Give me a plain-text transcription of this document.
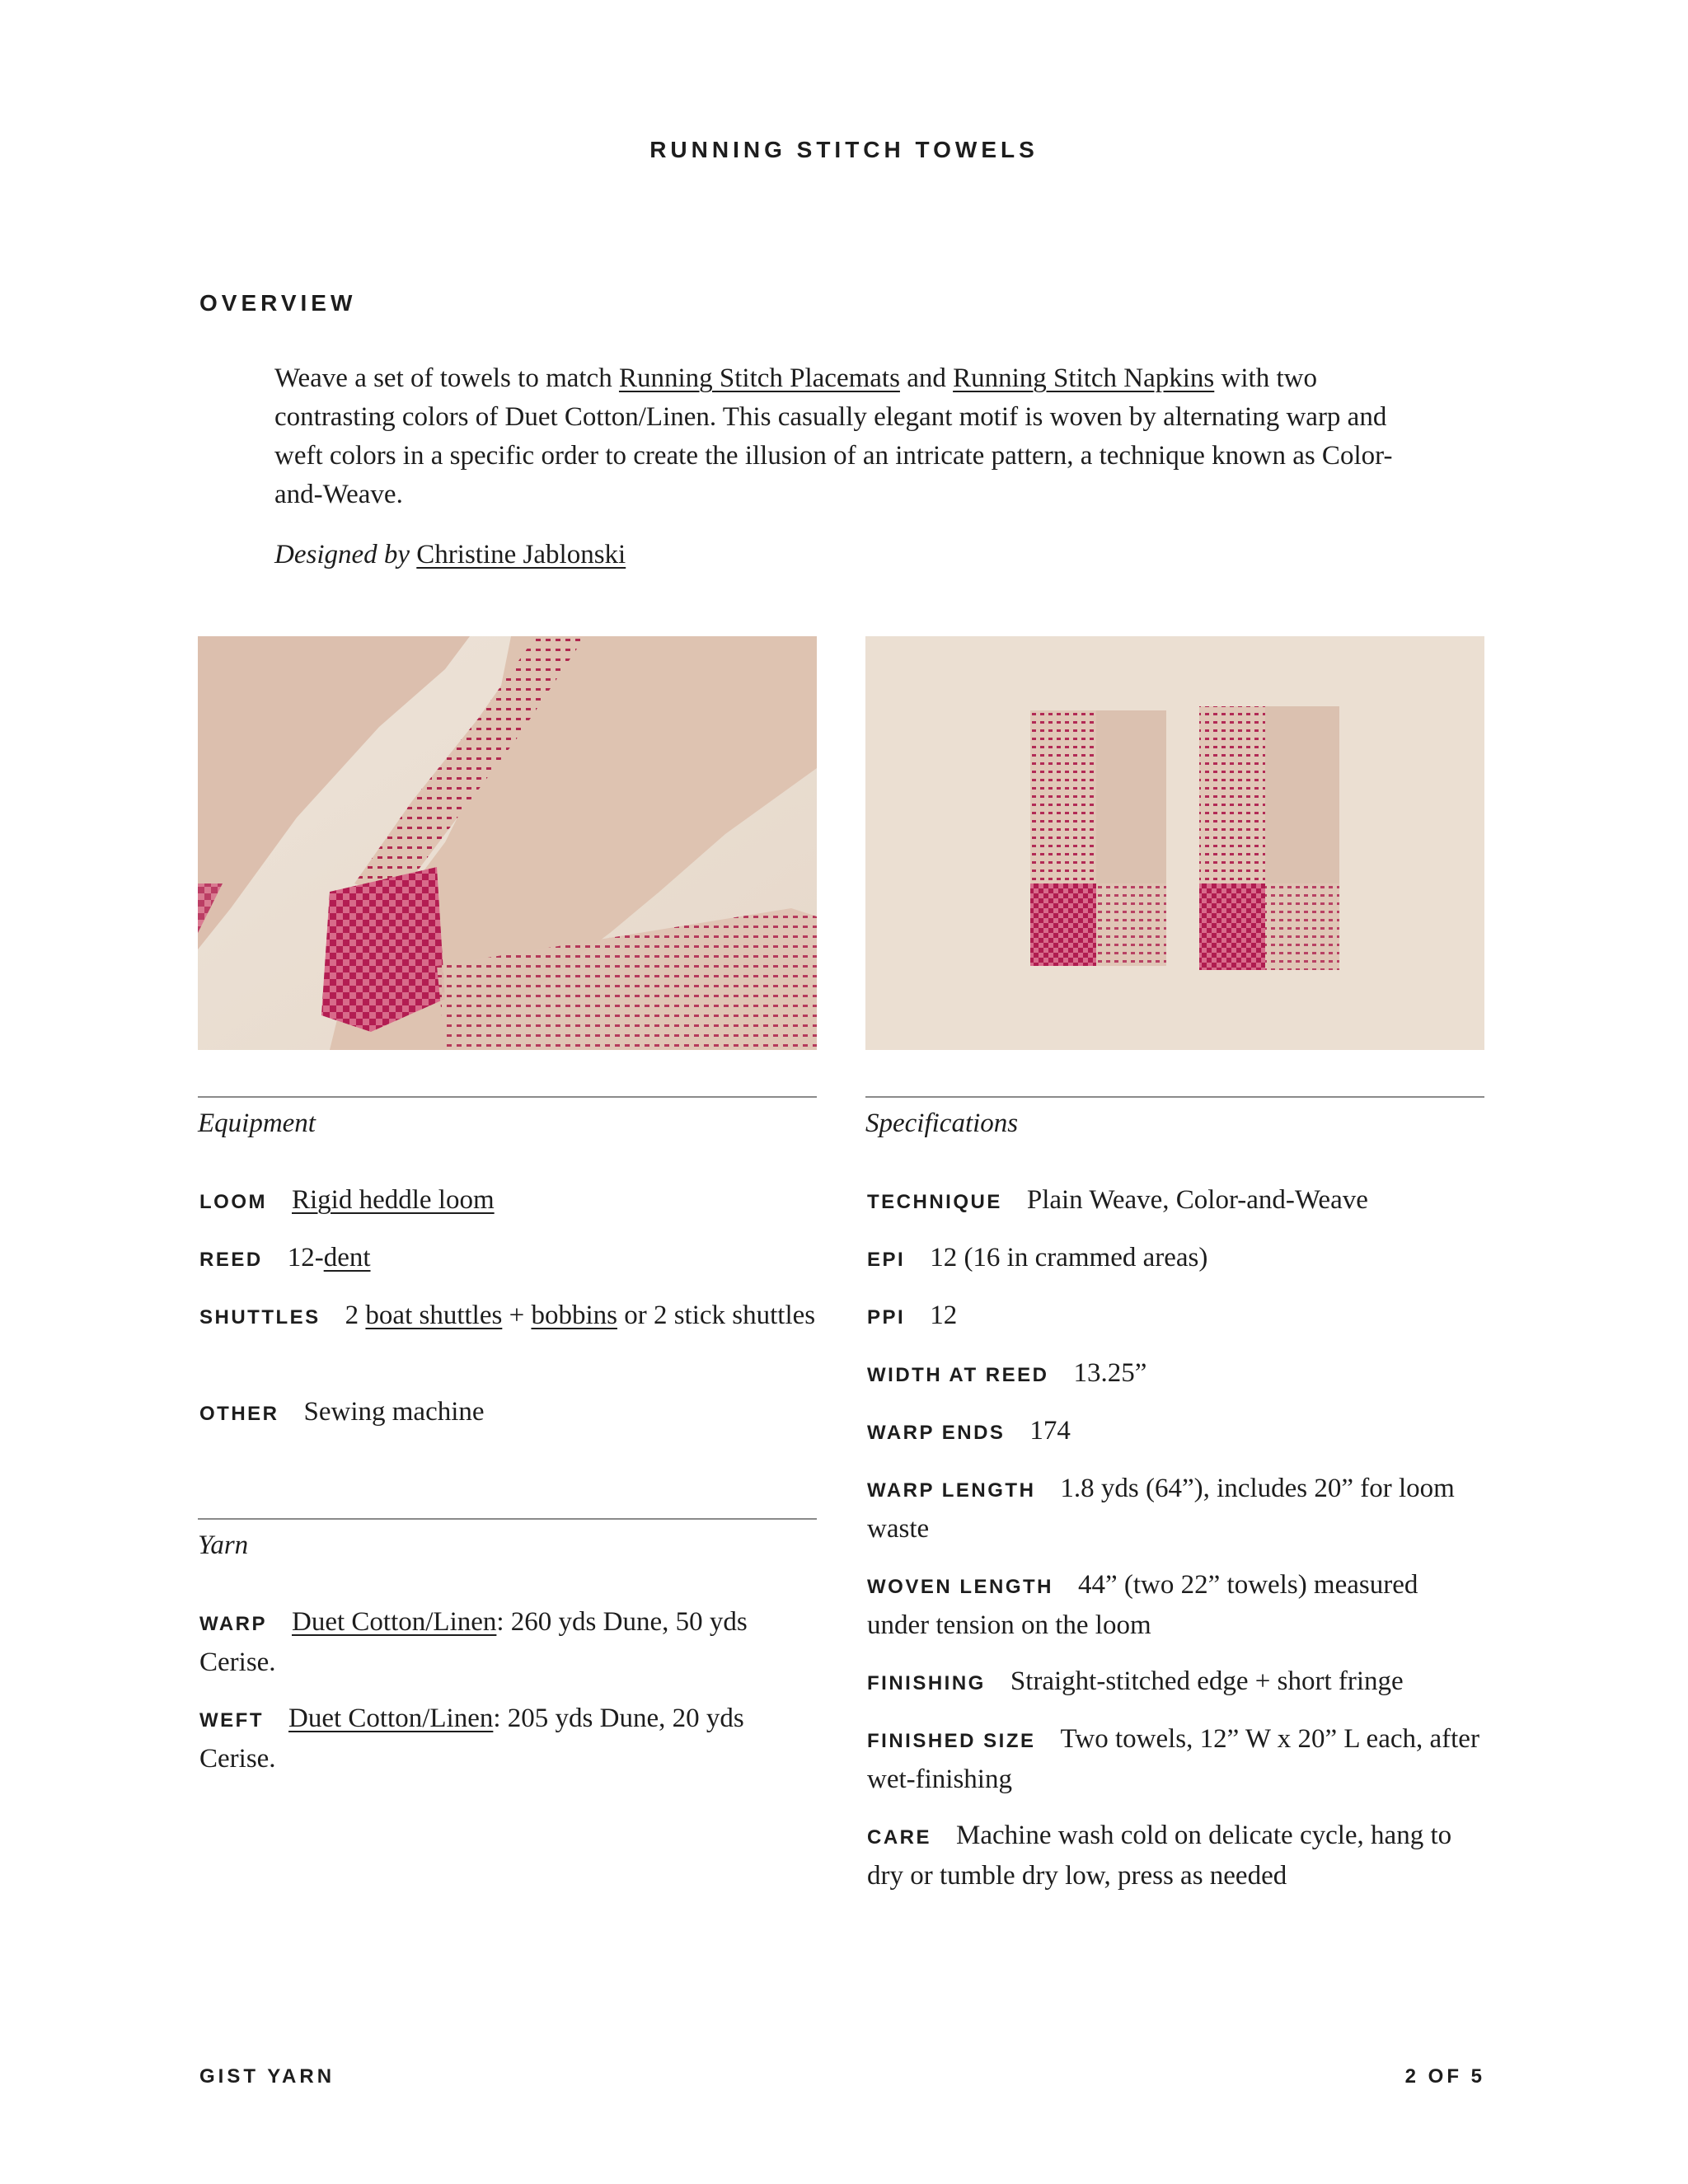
RUNNING STITCH TOWELS
OVERVIEW

Weave a set of towels to match Running Stitch Placemats and Running Stitch Napkins with two contrasting colors of Duet Cotton/Linen. This casually elegant motif is woven by alternating warp and weft colors in a specific order to create the illusion of an intricate pattern, a technique known as Color-and-Weave.

Designed by Christine Jablonski
Equipment
LOOM Rigid heddle loom
REED 12-dent
SHUTTLES 2 boat shuttles + bobbins or 2 stick shuttles
OTHER Sewing machine
Yarn
WARP Duet Cotton/Linen: 260 yds Dune, 50 yds Cerise.
WEFT Duet Cotton/Linen: 205 yds Dune, 20 yds Cerise.
Specifications
TECHNIQUE Plain Weave, Color-and-Weave
EPI 12 (16 in crammed areas)
PPI 12
WIDTH AT REED 13.25”
WARP ENDS 174
WARP LENGTH 1.8 yds (64”), includes 20” for loom waste
WOVEN LENGTH 44” (two 22” towels) measured under tension on the loom
FINISHING Straight-stitched edge + short fringe
FINISHED SIZE Two towels, 12” W x 20” L each, after wet-finishing
CARE Machine wash cold on delicate cycle, hang to dry or tumble dry low, press as needed
GIST YARN	2 OF 5
